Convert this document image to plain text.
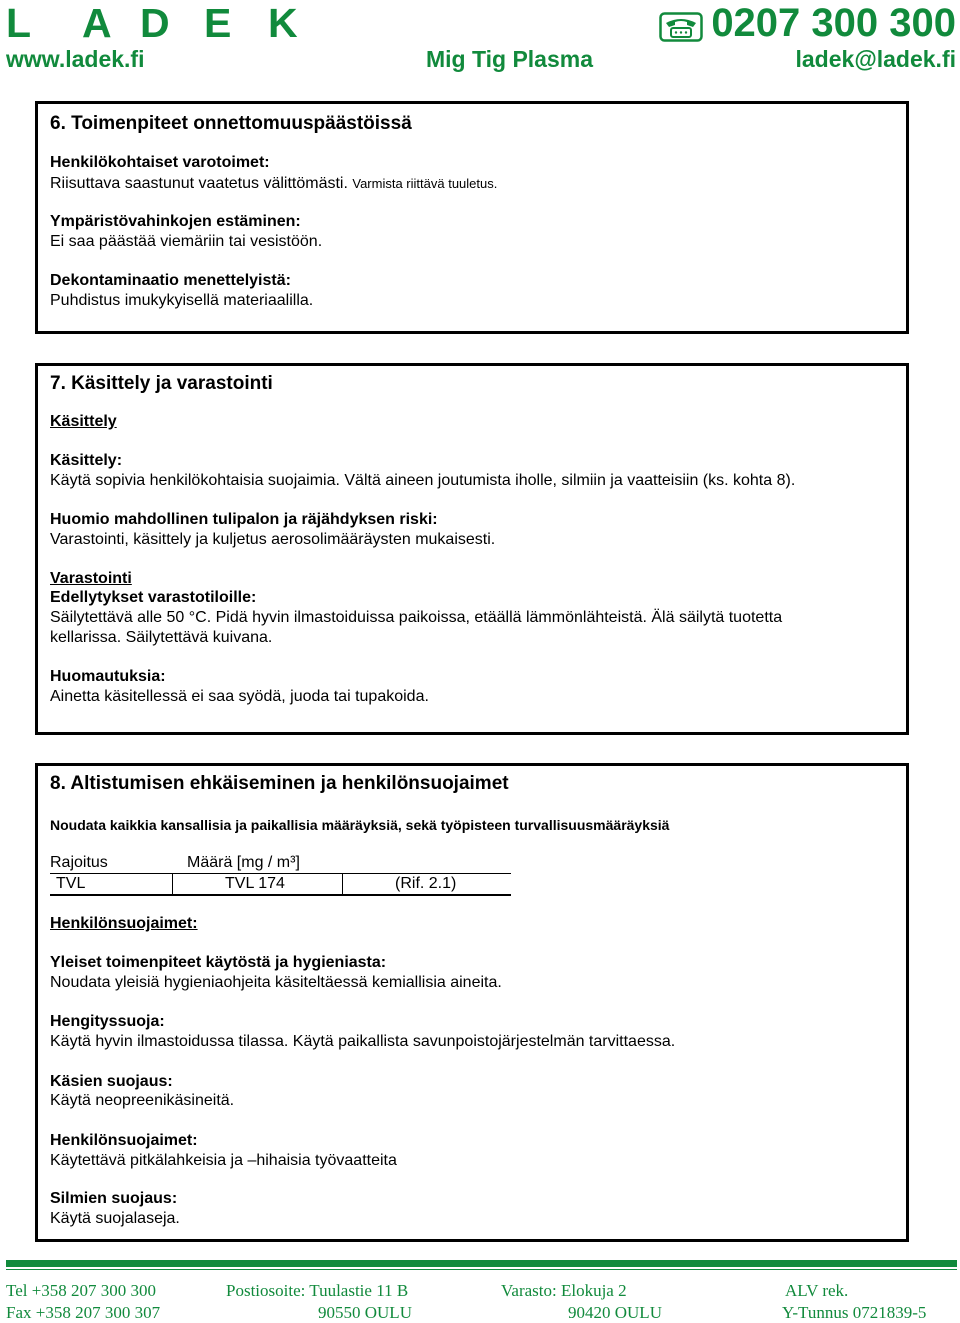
L A D E K	0207 300 300
www.ladek.fi	Mig Tig Plasma	ladek@ladek.fi
6. Toimenpiteet onnettomuuspäästöissä
Henkilökohtaiset varotoimet:
Riisuttava saastunut vaatetus välittömästi. Varmista riittävä tuuletus.
Ympäristövahinkojen estäminen:
Ei saa päästää viemäriin tai vesistöön.
Dekontaminaatio menettelyistä:
Puhdistus imukykyisellä materiaalilla.
7. Käsittely ja varastointi
Käsittely
Käsittely:
Käytä sopivia henkilökohtaisia suojaimia. Vältä aineen joutumista iholle, silmiin ja vaatteisiin (ks. kohta 8).
Huomio mahdollinen tulipalon ja räjähdyksen riski:
Varastointi, käsittely ja kuljetus aerosolimääräysten mukaisesti.
Varastointi
Edellytykset varastotiloille:
Säilytettävä alle 50 °C. Pidä hyvin ilmastoiduissa paikoissa, etäällä lämmönlähteistä. Älä säilytä tuotetta
kellarissa. Säilytettävä kuivana.
Huomautuksia:
Ainetta käsitellessä ei saa syödä, juoda tai tupakoida.
8. Altistumisen ehkäiseminen ja henkilönsuojaimet
Noudata kaikkia kansallisia ja paikallisia määräyksiä, sekä työpisteen turvallisuusmääräyksiä
Rajoitus	Määrä [mg / m³]
TVL	TVL 174	(Rif. 2.1)
Henkilönsuojaimet:
Yleiset toimenpiteet käytöstä ja hygieniasta:
Noudata yleisiä hygieniaohjeita käsiteltäessä kemiallisia aineita.
Hengityssuoja:
Käytä hyvin ilmastoidussa tilassa. Käytä paikallista savunpoistojärjestelmän tarvittaessa.
Käsien suojaus:
Käytä neopreenikäsineitä.
Henkilönsuojaimet:
Käytettävä pitkälahkeisia ja –hihaisia työvaatteita
Silmien suojaus:
Käytä suojalaseja.
Tel +358 207 300 300	Postiosoite: Tuulastie 11 B	Varasto: Elokuja 2	ALV rek.
Fax +358 207 300 307	90550 OULU	90420 OULU	Y-Tunnus 0721839-5
